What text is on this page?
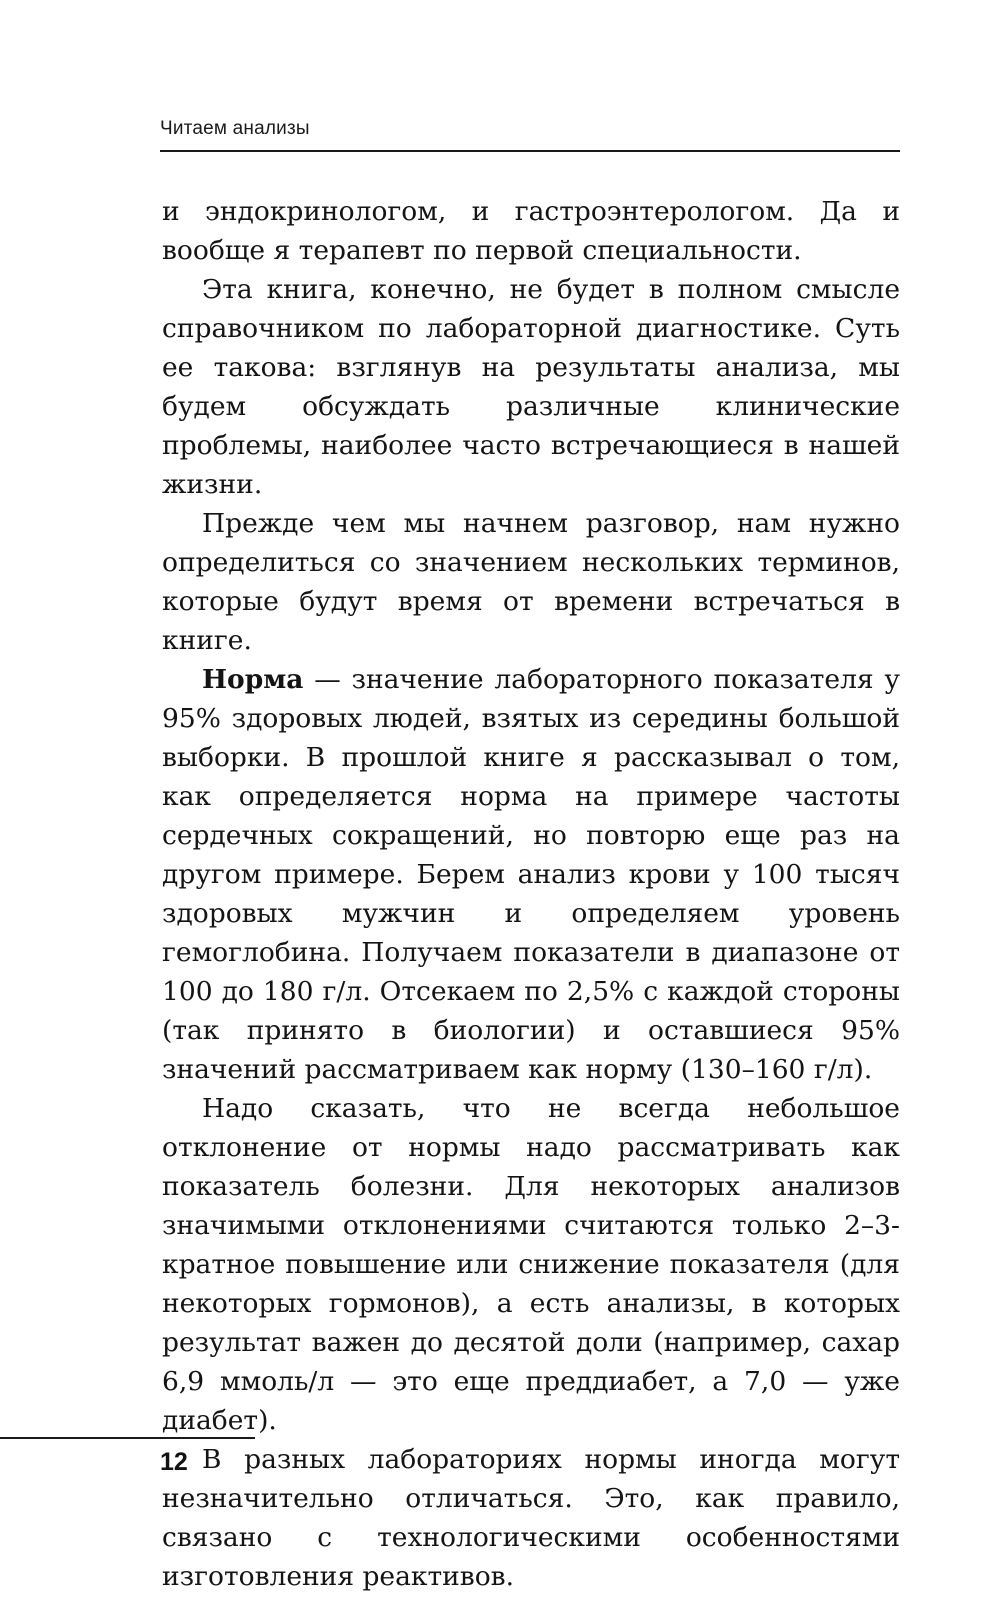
Читаем анализы

и эндокринологом, и гастроэнтерологом. Да и вообще я терапевт по первой специальности.

Эта книга, конечно, не будет в полном смысле справочником по лабораторной диагностике. Суть ее такова: взглянув на результаты анализа, мы будем обсуждать различные клинические проблемы, наиболее часто встречающиеся в нашей жизни.

Прежде чем мы начнем разговор, нам нужно определиться со значением нескольких терминов, которые будут время от времени встречаться в книге.

Норма — значение лабораторного показателя у 95% здоровых людей, взятых из середины большой выборки. В прошлой книге я рассказывал о том, как определяется норма на примере частоты сердечных сокращений, но повторю еще раз на другом примере. Берем анализ крови у 100 тысяч здоровых мужчин и определяем уровень гемоглобина. Получаем показатели в диапазоне от 100 до 180 г/л. Отсекаем по 2,5% с каждой стороны (так принято в биологии) и оставшиеся 95% значений рассматриваем как норму (130–160 г/л).

Надо сказать, что не всегда небольшое отклонение от нормы надо рассматривать как показатель болезни. Для некоторых анализов значимыми отклонениями считаются только 2–3-кратное повышение или снижение показателя (для некоторых гормонов), а есть анализы, в которых результат важен до десятой доли (например, сахар 6,9 ммоль/л — это еще преддиабет, а 7,0 — уже диабет).

В разных лабораториях нормы иногда могут незначительно отличаться. Это, как правило, связано с технологическими особенностями изготовления реактивов.

12
